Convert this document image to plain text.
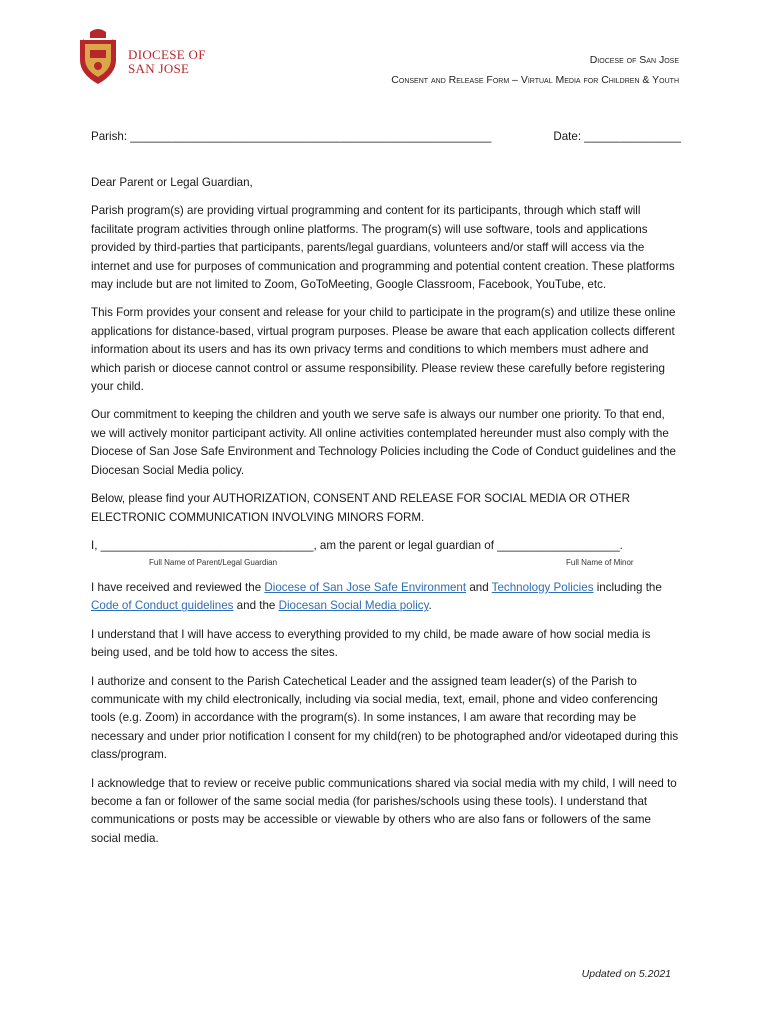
DIOCESE OF
SAN JOSE
Diocese of San Jose
Consent and Release Form – Virtual Media for Children & Youth
Parish: ________________________________________________________	Date: _______________

Dear Parent or Legal Guardian,

Parish program(s) are providing virtual programming and content for its participants, through which staff will facilitate program activities through online platforms. The program(s) will use software, tools and applications provided by third-parties that participants, parents/legal guardians, volunteers and/or staff will access via the internet and use for purposes of communication and programming and potential content creation. These platforms may include but are not limited to Zoom, GoToMeeting, Google Classroom, Facebook, YouTube, etc.

This Form provides your consent and release for your child to participate in the program(s) and utilize these online applications for distance-based, virtual program purposes. Please be aware that each application collects different information about its users and has its own privacy terms and conditions to which members must adhere and which parish or diocese cannot control or assume responsibility. Please review these carefully before registering your child.

Our commitment to keeping the children and youth we serve safe is always our number one priority. To that end, we will actively monitor participant activity. All online activities contemplated hereunder must also comply with the Diocese of San Jose Safe Environment and Technology Policies including the Code of Conduct guidelines and the Diocesan Social Media policy.

Below, please find your AUTHORIZATION, CONSENT AND RELEASE FOR SOCIAL MEDIA OR OTHER ELECTRONIC COMMUNICATION INVOLVING MINORS FORM.

I, _________________________________, am the parent or legal guardian of ___________________.
Full Name of Parent/Legal Guardian	Full Name of Minor

I have received and reviewed the Diocese of San Jose Safe Environment and Technology Policies including the Code of Conduct guidelines and the Diocesan Social Media policy.

I understand that I will have access to everything provided to my child, be made aware of how social media is being used, and be told how to access the sites.

I authorize and consent to the Parish Catechetical Leader and the assigned team leader(s) of the Parish to communicate with my child electronically, including via social media, text, email, phone and video conferencing tools (e.g. Zoom) in accordance with the program(s). In some instances, I am aware that recording may be necessary and under prior notification I consent for my child(ren) to be photographed and/or videotaped during this class/program.

I acknowledge that to review or receive public communications shared via social media with my child, I will need to become a fan or follower of the same social media (for parishes/schools using these tools). I understand that communications or posts may be accessible or viewable by others who are also fans or followers of the same social media.

Updated on 5.2021
